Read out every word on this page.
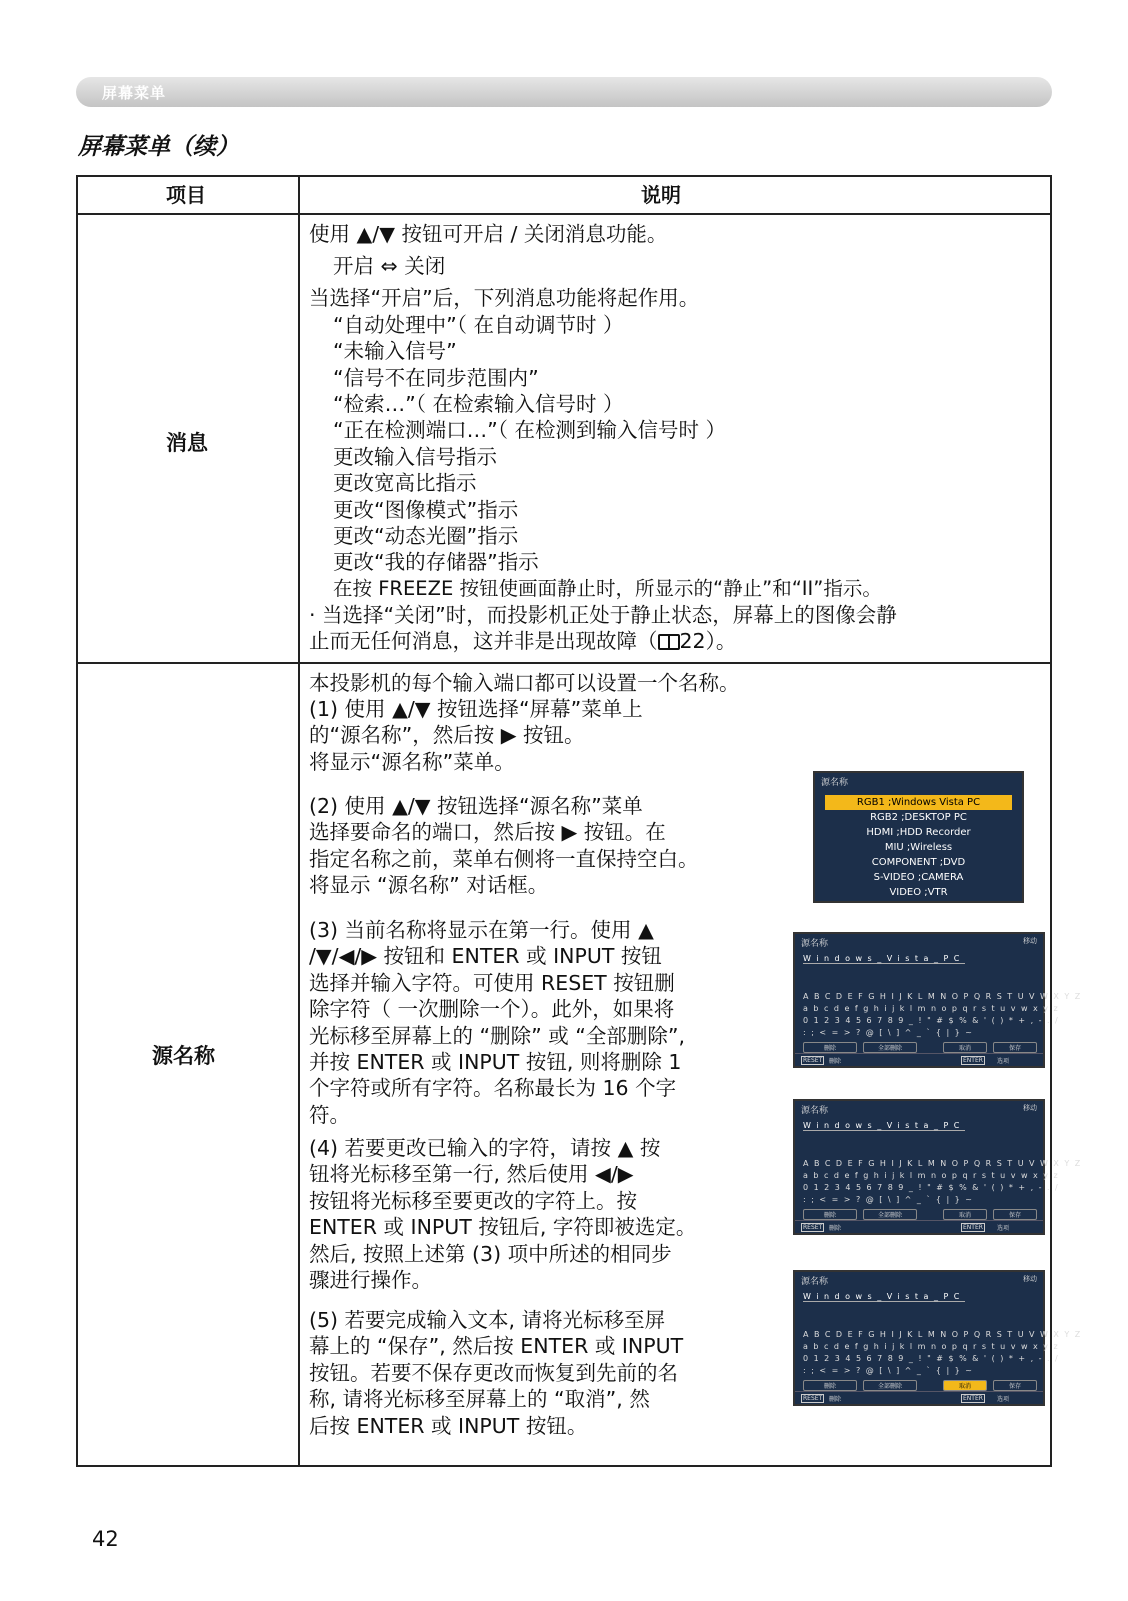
屏幕菜单
屏幕菜单（续）
项目	说明
消息
使用 ▲/▼ 按钮可开启 / 关闭消息功能。
开启 ⇔ 关闭
当选择“开启”后，下列消息功能将起作用。
“自动处理中”（ 在自动调节时 ）
“未输入信号”
“信号不在同步范围内”
“检索…”（ 在检索输入信号时 ）
“正在检测端口…”（ 在检测到输入信号时 ）
更改输入信号指示
更改宽高比指示
更改“图像模式”指示
更改“动态光圈”指示
更改“我的存储器”指示
在按 FREEZE 按钮使画面静止时，所显示的“静止”和“II”指示。
· 当选择“关闭”时，而投影机正处于静止状态，屏幕上的图像会静
止而无任何消息，这并非是出现故障（ 22）。
源名称
本投影机的每个输入端口都可以设置一个名称。
(1) 使用 ▲/▼ 按钮选择“屏幕”菜单上
的“源名称”，然后按 ▶ 按钮。
将显示“源名称”菜单。
(2) 使用 ▲/▼ 按钮选择“源名称”菜单
选择要命名的端口，然后按 ▶ 按钮。在
指定名称之前，菜单右侧将一直保持空白。
将显示 “源名称” 对话框。
(3) 当前名称将显示在第一行。使用 ▲
/▼/◀/▶ 按钮和 ENTER 或 INPUT 按钮
选择并输入字符。可使用 RESET 按钮删
除字符（ 一次删除一个）。此外，如果将
光标移至屏幕上的 “删除” 或 “全部删除”,
并按 ENTER 或 INPUT 按钮, 则将删除 1
个字符或所有字符。名称最长为 16 个字
符。
(4) 若要更改已输入的字符，请按 ▲ 按
钮将光标移至第一行, 然后使用 ◀/▶
按钮将光标移至要更改的字符上。按
ENTER 或 INPUT 按钮后, 字符即被选定。
然后, 按照上述第 (3) 项中所述的相同步
骤进行操作。
(5) 若要完成输入文本, 请将光标移至屏
幕上的 “保存”, 然后按 ENTER 或 INPUT
按钮。若要不保存更改而恢复到先前的名
称, 请将光标移至屏幕上的 “取消”, 然
后按 ENTER 或 INPUT 按钮。
源名称
RGB1 ;Windows Vista PC
RGB2 ;DESKTOP PC
HDMI ;HDD Recorder
MIU ;Wireless
COMPONENT ;DVD
S-VIDEO ;CAMERA
VIDEO ;VTR
源名称	移动
Windows_Vista_PC
ABCDEFGHIJKLMNOPQRSTUVWXYZ
abcdefghijklmnopqrstuvwxyz
0123456789_!"#$%&'()*+,-./
:;<=>?@[\]^_`{|}~
删除	全部删除	取消	保存
RESET	删除	ENTER	选项
源名称	移动
Windows_Vista_PC
ABCDEFGHIJKLMNOPQRSTUVWXYZ
abcdefghijklmnopqrstuvwxyz
0123456789_!"#$%&'()*+,-./
:;<=>?@[\]^_`{|}~
删除	全部删除	取消	保存
RESET	删除	ENTER	选项
源名称	移动
Windows_Vista_PC
ABCDEFGHIJKLMNOPQRSTUVWXYZ
abcdefghijklmnopqrstuvwxyz
0123456789_!"#$%&'()*+,-./
:;<=>?@[\]^_`{|}~
删除	全部删除	取消	保存
RESET	删除	ENTER	选项
42
